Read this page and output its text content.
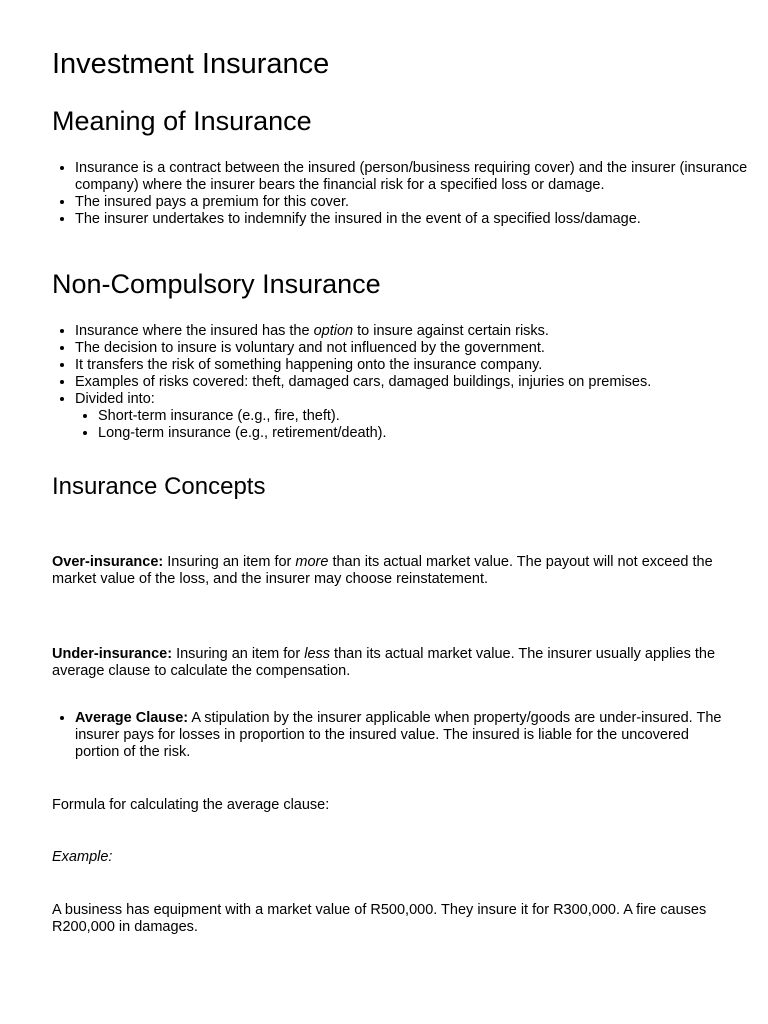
Investment Insurance
Meaning of Insurance
• Insurance is a contract between the insured (person/business requiring cover) and the insurer (insurance company) where the insurer bears the financial risk for a specified loss or damage.
• The insured pays a premium for this cover.
• The insurer undertakes to indemnify the insured in the event of a specified loss/damage.
Non-Compulsory Insurance
• Insurance where the insured has the option to insure against certain risks.
• The decision to insure is voluntary and not influenced by the government.
• It transfers the risk of something happening onto the insurance company.
• Examples of risks covered: theft, damaged cars, damaged buildings, injuries on premises.
• Divided into:
• Short-term insurance (e.g., fire, theft).
• Long-term insurance (e.g., retirement/death).
Insurance Concepts

Over-insurance: Insuring an item for more than its actual market value. The payout will not exceed the market value of the loss, and the insurer may choose reinstatement.

Under-insurance: Insuring an item for less than its actual market value. The insurer usually applies the average clause to calculate the compensation.

• Average Clause: A stipulation by the insurer applicable when property/goods are under-insured. The insurer pays for losses in proportion to the insured value. The insured is liable for the uncovered portion of the risk.

Formula for calculating the average clause:

Example:

A business has equipment with a market value of R500,000. They insure it for R300,000. A fire causes R200,000 in damages.
